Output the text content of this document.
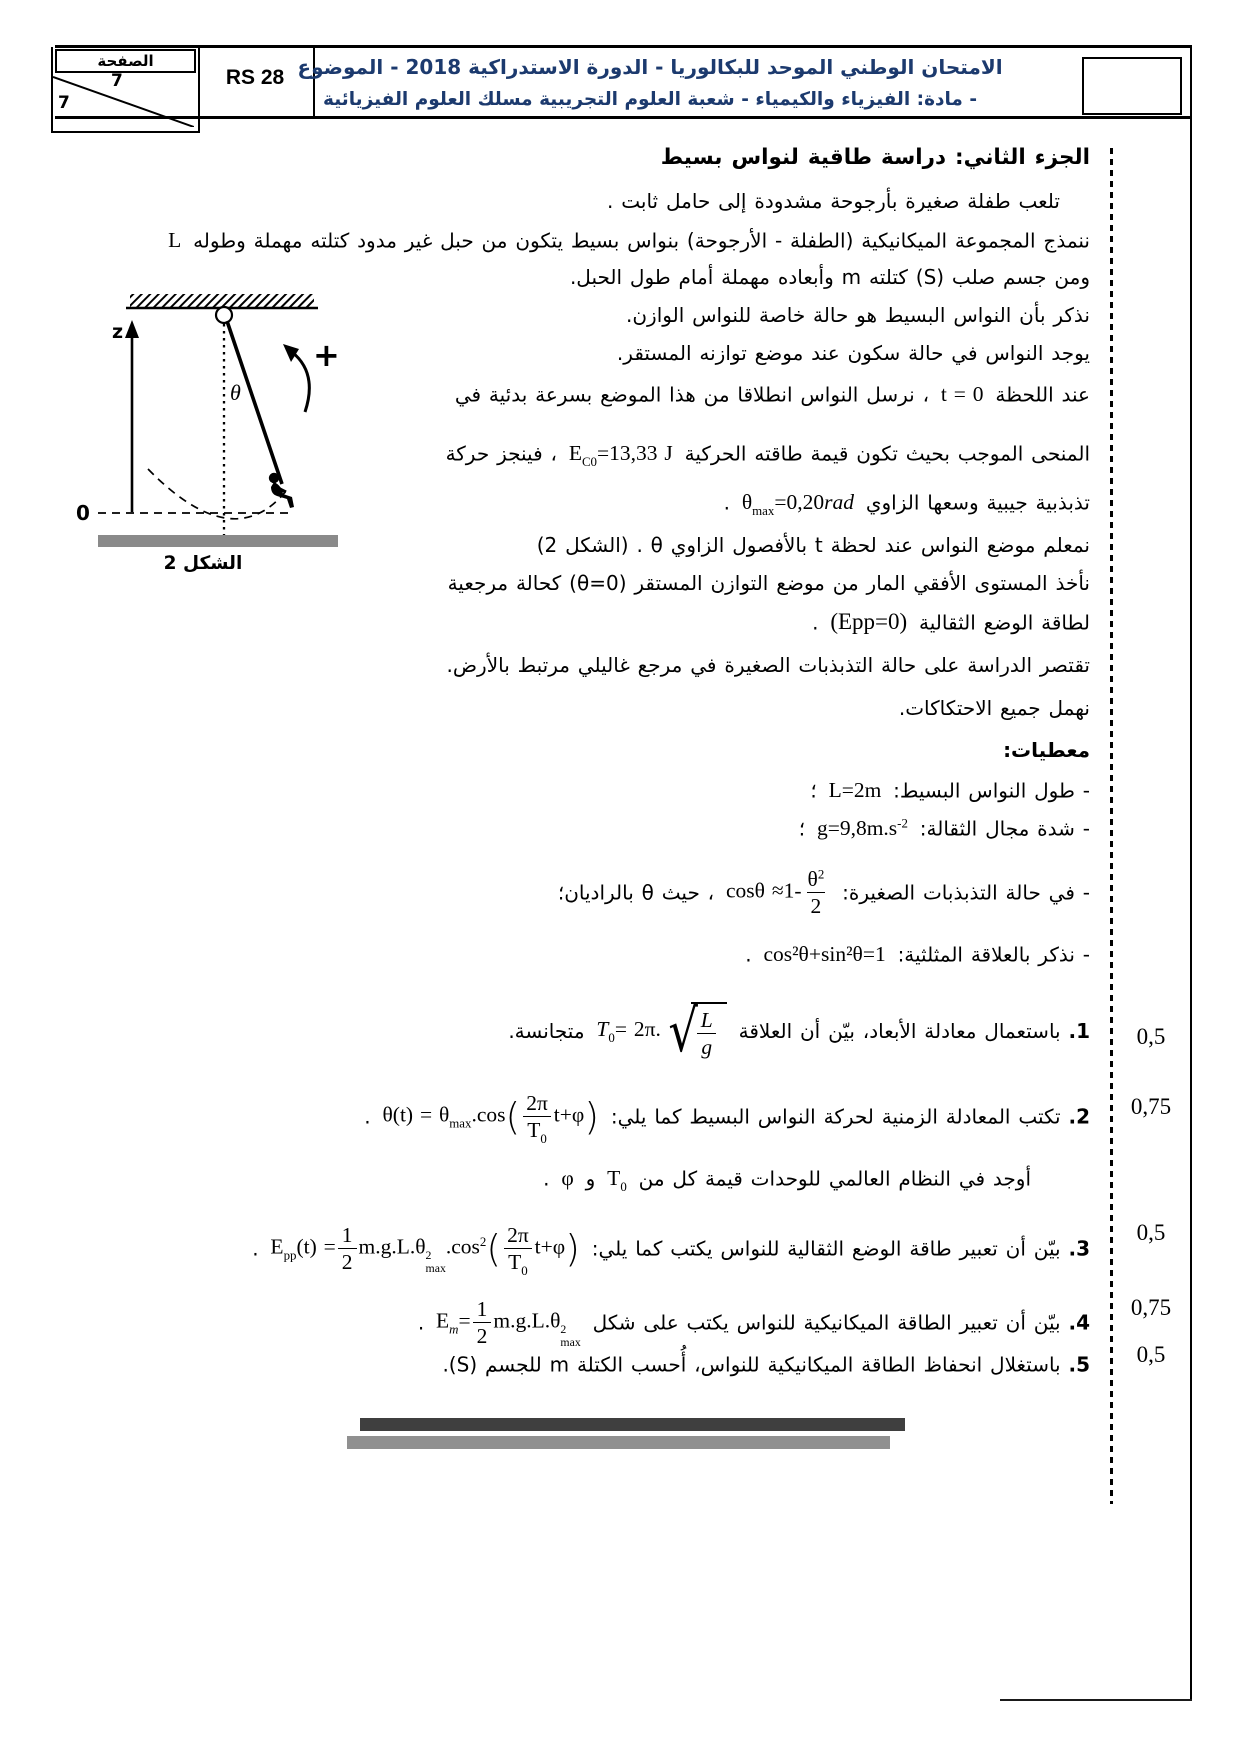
الصفحة
7
7
RS 28 الامتحان الوطني الموحد للبكالوريا - الدورة الاستدراكية 2018 - الموضوع
- مادة: الفيزياء والكيمياء - شعبة العلوم التجريبية مسلك العلوم الفيزيائية
0,5
0,75
0,5
0,75
0,5
θ
z
0
+
الشكل 2
الجزء الثاني: دراسة طاقية لنواس بسيط
تلعب طفلة صغيرة بأرجوحة مشدودة إلى حامل ثابت .
ننمذج المجموعة الميكانيكية (الطفلة - الأرجوحة) بنواس بسيط يتكون من حبل غير مدود كتلته مهملة وطوله L
ومن جسم صلب (S) كتلته m وأبعاده مهملة أمام طول الحبل.
نذكر بأن النواس البسيط هو حالة خاصة للنواس الوازن.
يوجد النواس في حالة سكون عند موضع توازنه المستقر.
عند اللحظة t = 0 ، نرسل النواس انطلاقا من هذا الموضع بسرعة بدئية في
المنحى الموجب بحيث تكون قيمة طاقته الحركية $E_{C0}=13,33$ J ، فينجز حركة
تذبذبية جيبية وسعها الزاوي $\theta_{max}=0,20rad$ .
نمعلم موضع النواس عند لحظة t بالأفصول الزاوي θ . (الشكل 2)
نأخذ المستوى الأفقي المار من موضع التوازن المستقر (θ=0) كحالة مرجعية
لطاقة الوضع الثقالية (Epp=0) .
تقتصر الدراسة على حالة التذبذبات الصغيرة في مرجع غاليلي مرتبط بالأرض.
نهمل جميع الاحتكاكات.
معطيات:
- طول النواس البسيط: L=2m ؛
- شدة مجال الثقالة: $g=9,8m.s^{-2}$ ؛
- في حالة التذبذبات الصغيرة: $\cos\theta \approx 1- \frac{\theta^2}{2}$
، حيث θ بالراديان؛
- نذكر بالعلاقة المثلثية: cos²θ+sin²θ=1 .
1. باستعمال معادلة الأبعاد، بيّن أن العلاقة $T_0= 2\pi$. √ $\frac{L}{g}$
متجانسة.
2. تكتب المعادلة الزمنية لحركة النواس البسيط كما يلي: $\theta(t) = \theta_{max}.\cos( \frac{2\pi}{T_0} t+\varphi)$ .
أوجد في النظام العالمي للوحدات قيمة كل من $T_0$ و φ .
3. بيّن أن تعبير طاقة الوضع الثقالية للنواس يكتب كما يلي: $E_{pp}(t) = \frac{1}{2} m.g.L.\theta$ 2
max
$.\cos^2( \frac{2\pi}{T_0} t+\varphi)$ .
4. بيّن أن تعبير الطاقة الميكانيكية للنواس يكتب على شكل $E_m= \frac{1}{2} m.g.L.\theta$ 2
max
.
5. باستغلال انحفاظ الطاقة الميكانيكية للنواس، أُحسب الكتلة m للجسم (S).
